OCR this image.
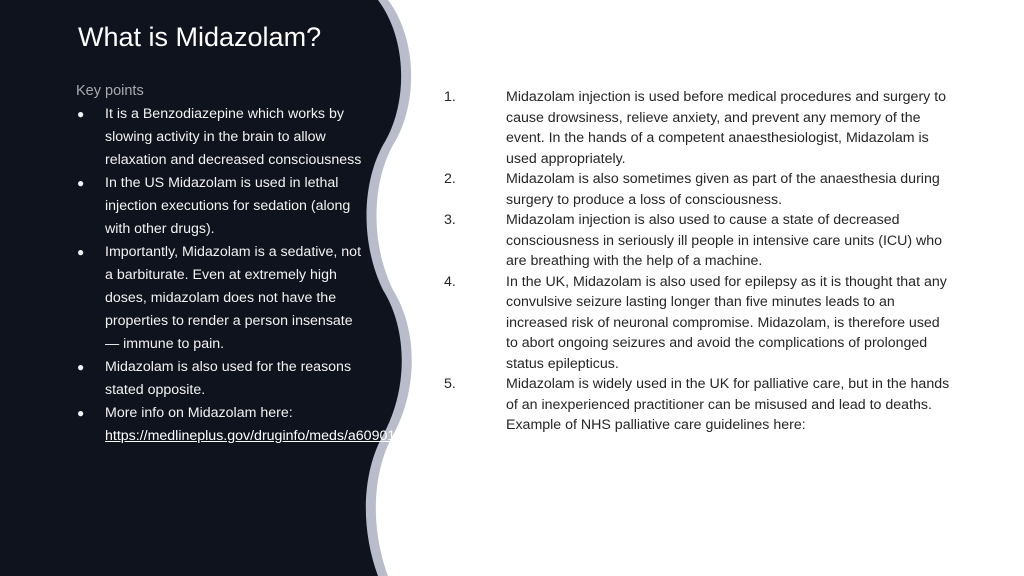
What is Midazolam?
Key points
● It is a Benzodiazepine which works by slowing activity in the brain to allow relaxation and decreased consciousness
● In the US Midazolam is used in lethal injection executions for sedation (along with other drugs).
● Importantly, Midazolam is a sedative, not a barbiturate. Even at extremely high doses, midazolam does not have the properties to render a person insensate — immune to pain.
● Midazolam is also used for the reasons stated opposite.
● More info on Midazolam here: https://medlineplus.gov/druginfo/meds/a609014.html
1.	Midazolam injection is used before medical procedures and surgery to cause drowsiness, relieve anxiety, and prevent any memory of the event. In the hands of a competent anaesthesiologist, Midazolam is used appropriately.
2.	Midazolam is also sometimes given as part of the anaesthesia during surgery to produce a loss of consciousness.
3.	Midazolam injection is also used to cause a state of decreased consciousness in seriously ill people in intensive care units (ICU) who are breathing with the help of a machine.
4.	In the UK, Midazolam is also used for epilepsy as it is thought that any convulsive seizure lasting longer than five minutes leads to an increased risk of neuronal compromise. Midazolam, is therefore used to abort ongoing seizures and avoid the complications of prolonged status epilepticus.
5.	Midazolam is widely used in the UK for palliative care, but in the hands of an inexperienced practitioner can be misused and lead to deaths. Example of NHS palliative care guidelines here:
